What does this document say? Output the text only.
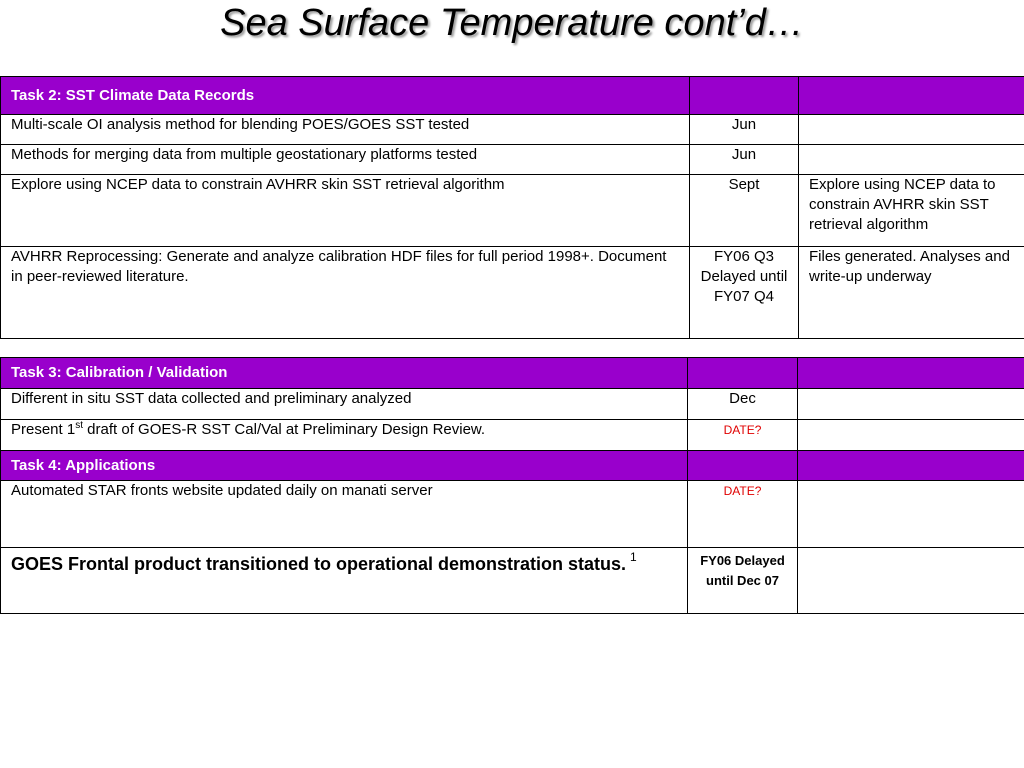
Sea Surface Temperature cont’d…
Task 2: SST Climate Data Records		
Multi-scale OI analysis method for blending POES/GOES SST tested	Jun	
Methods for merging data from multiple geostationary platforms tested	Jun	
Explore using NCEP data to constrain AVHRR skin SST retrieval algorithm	Sept	Explore using NCEP data to constrain AVHRR skin SST retrieval algorithm
AVHRR Reprocessing: Generate and analyze calibration HDF files for full period 1998+. Document in peer-reviewed literature.	FY06 Q3 Delayed until FY07 Q4	Files generated. Analyses and write-up underway
Task 3: Calibration / Validation		
Different in situ SST data collected and preliminary analyzed	Dec	
Present 1st draft of GOES-R SST Cal/Val at Preliminary Design Review.	DATE?	
Task 4: Applications		
Automated STAR fronts website updated daily on manati server	DATE?	
GOES Frontal product transitioned to operational demonstration status. $^1$	FY06 Delayed until Dec 07	
